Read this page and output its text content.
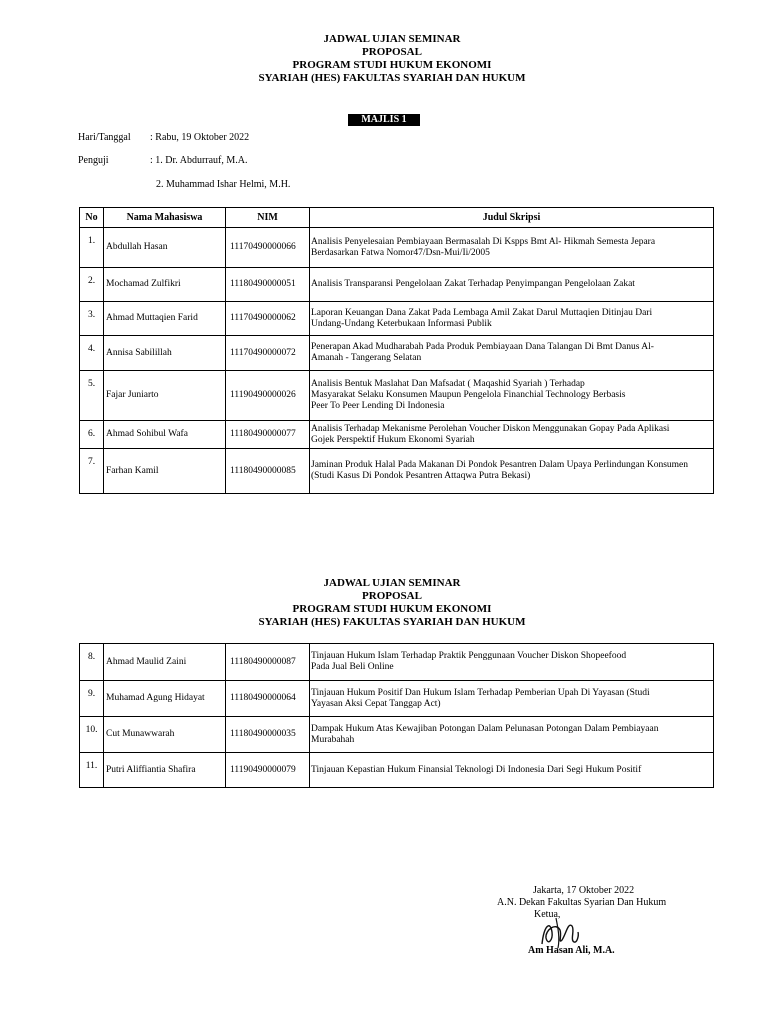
JADWAL UJIAN SEMINAR
PROPOSAL
PROGRAM STUDI HUKUM EKONOMI
SYARIAH (HES) FAKULTAS SYARIAH DAN HUKUM
MAJLIS 1
Hari/Tanggal : Rabu, 19 Oktober 2022
Penguji	: 1. Dr. Abdurrauf, M.A.
2. Muhammad Ishar Helmi, M.H.
No	Nama Mahasiswa	NIM	Judul Skripsi
1.	Abdullah Hasan	11170490000066	Analisis Penyelesaian Pembiayaan Bermasalah Di Kspps Bmt Al- Hikmah Semesta Jepara
Berdasarkan Fatwa Nomor47/Dsn-Mui/Ii/2005

2.	Mochamad Zulfikri	11180490000051	Analisis Transparansi Pengelolaan Zakat Terhadap Penyimpangan Pengelolaan Zakat

3.	Ahmad Muttaqien Farid	11170490000062	Laporan Keuangan Dana Zakat Pada Lembaga Amil Zakat Darul Muttaqien Ditinjau Dari
Undang-Undang Keterbukaan Informasi Publik

4.	Annisa Sabilillah	11170490000072	Penerapan Akad Mudharabah Pada Produk Pembiayaan Dana Talangan Di Bmt Danus Al-
Amanah - Tangerang Selatan

5.	Fajar Juniarto	11190490000026	Analisis Bentuk Maslahat Dan Mafsadat ( Maqashid Syariah ) Terhadap
Masyarakat Selaku Konsumen Maupun Pengelola Financhial Technology Berbasis
Peer To Peer Lending Di Indonesia

6.	Ahmad Sohibul Wafa	11180490000077	Analisis Terhadap Mekanisme Perolehan Voucher Diskon Menggunakan Gopay Pada Aplikasi
Gojek Perspektif Hukum Ekonomi Syariah

7.	Farhan Kamil	11180490000085	Jaminan Produk Halal Pada Makanan Di Pondok Pesantren Dalam Upaya Perlindungan Konsumen
(Studi Kasus Di Pondok Pesantren Attaqwa Putra Bekasi)
JADWAL UJIAN SEMINAR
PROPOSAL
PROGRAM STUDI HUKUM EKONOMI
SYARIAH (HES) FAKULTAS SYARIAH DAN HUKUM
8.	Ahmad Maulid Zaini	11180490000087	Tinjauan Hukum Islam Terhadap Praktik Penggunaan Voucher Diskon Shopeefood
Pada Jual Beli Online

9.	Muhamad Agung Hidayat	11180490000064	Tinjauan Hukum Positif Dan Hukum Islam Terhadap Pemberian Upah Di Yayasan (Studi
Yayasan Aksi Cepat Tanggap Act)

10.	Cut Munawwarah	11180490000035	Dampak Hukum Atas Kewajiban Potongan Dalam Pelunasan Potongan Dalam Pembiayaan
Murabahah

11.	Putri Aliffiantia Shafira	11190490000079	Tinjauan Kepastian Hukum Finansial Teknologi Di Indonesia Dari Segi Hukum Positif
Jakarta, 17 Oktober 2022
A.N. Dekan Fakultas Syarian Dan Hukum
Ketua,
Am Hasan Ali, M.A.
